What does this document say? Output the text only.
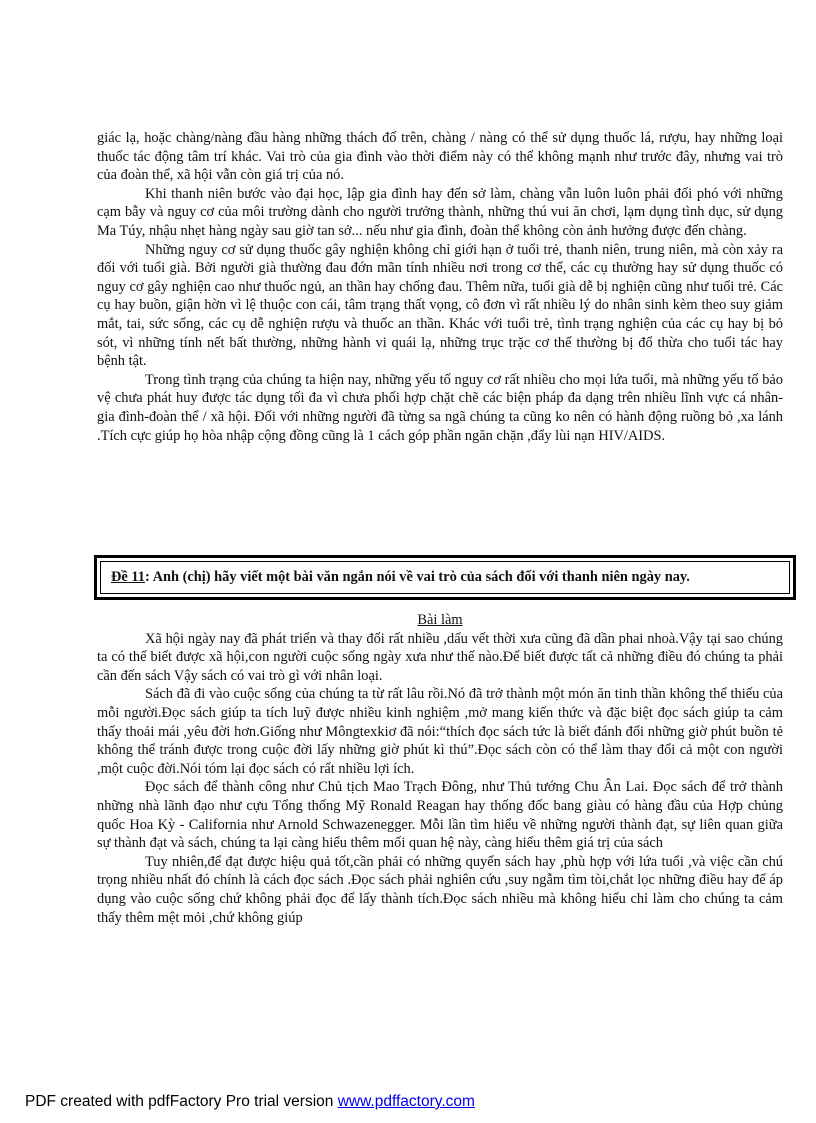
giác lạ, hoặc chàng/nàng đầu hàng những thách đố trên, chàng / nàng có thể sử dụng thuốc lá, rượu, hay những loại thuốc tác động tâm trí khác. Vai trò của gia đình vào thời điểm này có thể không mạnh như trước đây, nhưng vai trò của đoàn thể, xã hội vẫn còn giá trị của nó.

Khi thanh niên bước vào đại học, lập gia đình hay đến sở làm, chàng vẫn luôn luôn phải đối phó với những cạm bẫy và nguy cơ của môi trường dành cho người trưởng thành, những thú vui ăn chơi, lạm dụng tình dục, sử dụng Ma Túy, nhậu nhẹt hàng ngày sau giờ tan sở... nếu như gia đình, đoàn thể không còn ảnh hưởng được đến chàng.

Những nguy cơ sử dụng thuốc gây nghiện không chỉ giới hạn ở tuổi trẻ, thanh niên, trung niên, mà còn xảy ra đối với tuổi già. Bởi người già thường đau đớn mãn tính nhiều nơi trong cơ thể, các cụ thường hay sử dụng thuốc có nguy cơ gây nghiện cao như thuốc ngủ, an thần hay chống đau. Thêm nữa, tuổi già dễ bị nghiện cũng như tuổi trẻ. Các cụ hay buồn, giận hờn vì lệ thuộc con cái, tâm trạng thất vọng, cô đơn vì rất nhiều lý do nhân sinh kèm theo suy giảm mắt, tai, sức sống, các cụ dễ nghiện rượu và thuốc an thần. Khác với tuổi trẻ, tình trạng nghiện của các cụ hay bị bỏ sót, vì những tính nết bất thường, những hành vi quái lạ, những trục trặc cơ thể thường bị đổ thừa cho tuổi tác hay bệnh tật.

Trong tình trạng của chúng ta hiện nay, những yếu tố nguy cơ rất nhiều cho mọi lứa tuổi, mà những yếu tố bảo vệ chưa phát huy được tác dụng tối đa vì chưa phối hợp chặt chẽ các biện pháp đa dạng trên nhiều lĩnh vực cá nhân-gia đình-đoàn thể / xã hội. Đối với những người đã từng sa ngã chúng ta cũng ko nên có hành động ruồng bỏ ,xa lánh .Tích cực giúp họ hòa nhập cộng đồng cũng là 1 cách góp phần ngăn chặn ,đẩy lùi nạn HIV/AIDS.

Đề 11: Anh (chị) hãy viết một bài văn ngắn nói về vai trò của sách đối với thanh niên ngày nay.
Bài làm

Xã hội ngày nay đã phát triển và thay đổi rất nhiều ,dấu vết thời xưa cũng đã dần phai nhoà.Vậy tại sao chúng ta có thể biết được xã hội,con người cuộc sống ngày xưa như thế nào.Để biết được tất cả những điều đó chúng ta phải cần đến sách Vậy sách có vai trò gì với nhân loại.

Sách đã đi vào cuộc sống của chúng ta từ rất lâu rồi.Nó đã trở thành một món ăn tinh thần không thể thiếu của mỗi người.Đọc sách giúp ta tích luỹ được nhiều kinh nghiệm ,mở mang kiến thức và đặc biệt đọc sách giúp ta cảm thấy thoải mái ,yêu đời hơn.Giống như Môngtexkiơ đã nói:“thích đọc sách tức là biết đánh đổi những giờ phút buồn tẻ không thể tránh được trong cuộc đời lấy những giờ phút kì thú”.Đọc sách còn có thể làm thay đổi cả một con người ,một cuộc đời.Nói tóm lại đọc sách có rất nhiều lợi ích.

Đọc sách để thành công như Chủ tịch Mao Trạch Đông, như Thủ tướng Chu Ân Lai. Đọc sách để trở thành những nhà lãnh đạo như cựu Tổng thống Mỹ Ronald Reagan hay thống đốc bang giàu có hàng đầu của Hợp chủng quốc Hoa Kỳ - California như Arnold Schwazenegger. Mỗi lần tìm hiểu về những người thành đạt, sự liên quan giữa sự thành đạt và sách, chúng ta lại càng hiểu thêm mối quan hệ này, càng hiểu thêm giá trị của sách

Tuy nhiên,để đạt được hiệu quả tốt,cần phải có những quyển sách hay ,phù hợp với lứa tuổi ,và việc cần chú trọng nhiều nhất đó chính là cách đọc sách .Đọc sách phải nghiên cứu ,suy ngẫm tìm tòi,chắt lọc những điều hay để áp dụng vào cuộc sống chứ không phải đọc để lấy thành tích.Đọc sách nhiều mà không hiểu chỉ làm cho chúng ta cảm thấy thêm mệt mỏi ,chứ không giúp

PDF created with pdfFactory Pro trial version www.pdffactory.com
